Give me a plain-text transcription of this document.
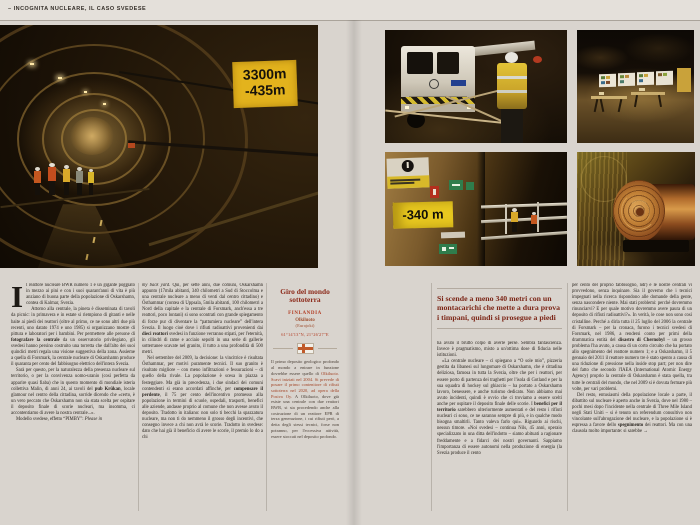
– INCOGNITA NUCLEARE, IL CASO SVEDESE
3300m
-435m
-340 m

I l reattore nucleare BWR numero 1 è un gigante poggiato in mezzo ai pini e con i suoi quarant'anni di vita è più anziano di buona parte della popolazione di Oskarshamn, contea di Kalmar, Svezia.

Attorno alla centrale, la pineta è disseminata di tavoli da picnic: in primavera e in estate si riempiono di gitanti e nelle baite ai piedi dei reattori (oltre al primo, ce ne sono altri due più recenti, uno datato 1974 e uno 1985) si organizzano mostre di pittura e laboratori per i bambini. Per permettere alle persone di fotografare la centrale da un osservatorio privilegiato, gli svedesi hanno persino costruito una torretta che dall'alto dei suoi quindici metri regala una visione suggestiva della zona. Assieme a quella di Forsmark, la centrale nucleare di Oskarshamn produce il quaranta per cento del fabbisogno elettrico dell'intera Svezia.

Sarà per questo, per la naturalezza della presenza nucleare sul territorio, o per la convivenza uomo-uranio (così perfetta da apparire quasi fiaba) che in questo momento di mondiale isteria collettiva Malin, di anni 24, ai tavoli del pub Krükan, locale glamour nel centro della cittadina, sorride dicendo che «certo, è un vero peccato che Oskarshamn non sia stata scelta per ospitare il deposito finale di scorie nucleari, ma insomma, ci accontentiamo di avere la nostra centrale...».

Modello svedese, effetto “PIMBY”: Please in

my back yard. Qui, per sette anni, due comuni, Oskarshamn appunto (17mila abitanti, 340 chilometri a Sud di Stoccolma e una centrale nucleare a meno di venti dal centro cittadino) e Östhammar (contea di Uppsala, 5mila abitanti, 100 chilometri a Nord della capitale e la centrale di Forsmark, anch'essa a tre reattori, poco lontani) si sono scontrati con grande spiegamento di forze pur di diventare la “pattumiera nucleare” dell'intera Svezia. Il luogo cioè dove i rifiuti radioattivi provenienti dai dieci reattori svedesi in funzione verranno stipati, per l'eternità, in cilindri di rame e acciaio sepolti in una serie di gallerie sotterranee scavate nel granito, il tutto a una profondità di 500 metri.

Nel settembre del 2009, la decisione: la vincitrice è risultata Östhammar, per motivi puramente tecnici. Il suo granito è risultato migliore – con meno infiltrazioni e fessurazioni – di quello della rivale. La popolazione è scesa in piazza a festeggiare. Ma già in precedenza, i due sindaci dei comuni contendenti si erano accordati affinché, per compensare il perdente, il 75 per cento dell'incentivo promesso alla popolazione in termini di scuole, ospedali, trasporti, benefici alle aziende, andasse proprio al comune che non avesse avuto il deposito. Tradotto in italiano: non solo ti becchi la spazzatura nucleare, ma non ti do nemmeno il grosso degli incentivi, che consegno invece a chi non avrà le scorie. Tradotto in svedese: dato che hai già il beneficio di avere le scorie, il premio lo do a chi

Giro del mondo sottoterra
FINLANDIA
Olkiluoto
(Eurajoki)
61°14'13"N, 21°26'27"E
Il primo deposito geologico profondo al mondo a entrare in funzione dovrebbe essere quello di Olkiluoto. Scavi iniziati nel 2004. Si prevede di posare il primo contenitore di rifiuti sottoterra nel 2020, ad opera della Posiva Oy. A Olkiluoto, dove già esiste una centrale con due reattori BWR, si sta procedendo anche alla costruzione di un reattore EPR di terza generazione, i cui rifiuti però, a detta degli stessi tecnici, forse non potranno, per l'eccessiva attività, essere stoccati nel deposito profondo.
Si scende a meno 340 metri con un montacarichi che mette a dura prova i timpani, quindi si prosegue a piedi

ha avuto il brutto colpo di averle perse. Sembra fantascienza. Invece è pragmatismo, misto a un'ottima dose di fiducia nelle istituzioni.

«La centrale nucleare – ci spiegano a “O sole mio”, pizzeria gestita da libanesi sul lungomare di Oskarshamn, che è cittadina deliziosa, famosa in tutta la Svezia, oltre che per i reattori, per essere porto di partenza dei traghetti per l'isola di Gotland e per la sua squadra di hockey sul ghiaccio – ha portato a Oskarshamn lavoro, benessere, e anche turismo dedicato. Non abbiamo mai avuto incidenti, quindi è ovvio che ci troviamo a essere scelti anche per ospitare il deposito finale delle scorie. I benefici per il territorio sarebbero ulteriormente aumentati e del resto i rifiuti nucleari ci sono, ce ne saranno sempre di più, e in qualche modo bisogna smaltirli. Tanto valeva farlo qui». Riguardo ai rischi, nessun timore. «Noi svedesi – continua Nils, 45 anni, operaio specializzato in una ditta dell'indotto – siamo abituati a ragionare freddamente e a fidarci dei nostri governanti. Sappiamo l'importanza di essere autonomi nella produzione di energia (la Svezia produce il cento

per cento del proprio fabbisogno, ndr) e le nostre centrali vi provvedono, senza inquinare. Sia il governo che i tecnici impegnati nella ricerca rispondono alle domande della gente, senza nascondere niente. Mai stati problemi: perché dovremmo rinunciarvi? E per quale motivo dovremmo avere paura di un deposito di rifiuti radioattivi?». In verità, le cose non sono così cristalline. Perché a dirla tutta il 25 luglio del 2006 la centrale di Forsmark – per la cronaca, furono i tecnici svedesi di Forsmark, nel 1986, a rendersi conto per primi della drammatica entità del disastro di Chernobyl – un grosso problema l'ha avuto, a causa di un corto circuito che ha portato allo spegnimento del reattore numero 1; e a Oskarshamn, il 5 gennaio del 2011 il reattore numero tre è stato spento a causa di una riduzione di pressione nella inside stop part; per non dire del fatto che secondo l'IAEA (International Atomic Energy Agency) proprio la centrale di Oskarshamn è stata quella, tra tutte le centrali del mondo, che nel 2009 si è dovuta fermare più volte, per vari problemi.

Del resto, entusiasmi della popolazione locale a parte, il dibattito sul nucleare è aperto anche in Svezia, dove nel 1980 – pochi mesi dopo l'incidente nella centrale di Three Mile Island negli Stati Uniti – si è tenuto un referendum consultivo non vincolante sull'abrogazione del nucleare, e la popolazione si è espressa a favore dello spegnimento dei reattori. Ma con una clausola molto importante: si sarebbe →
